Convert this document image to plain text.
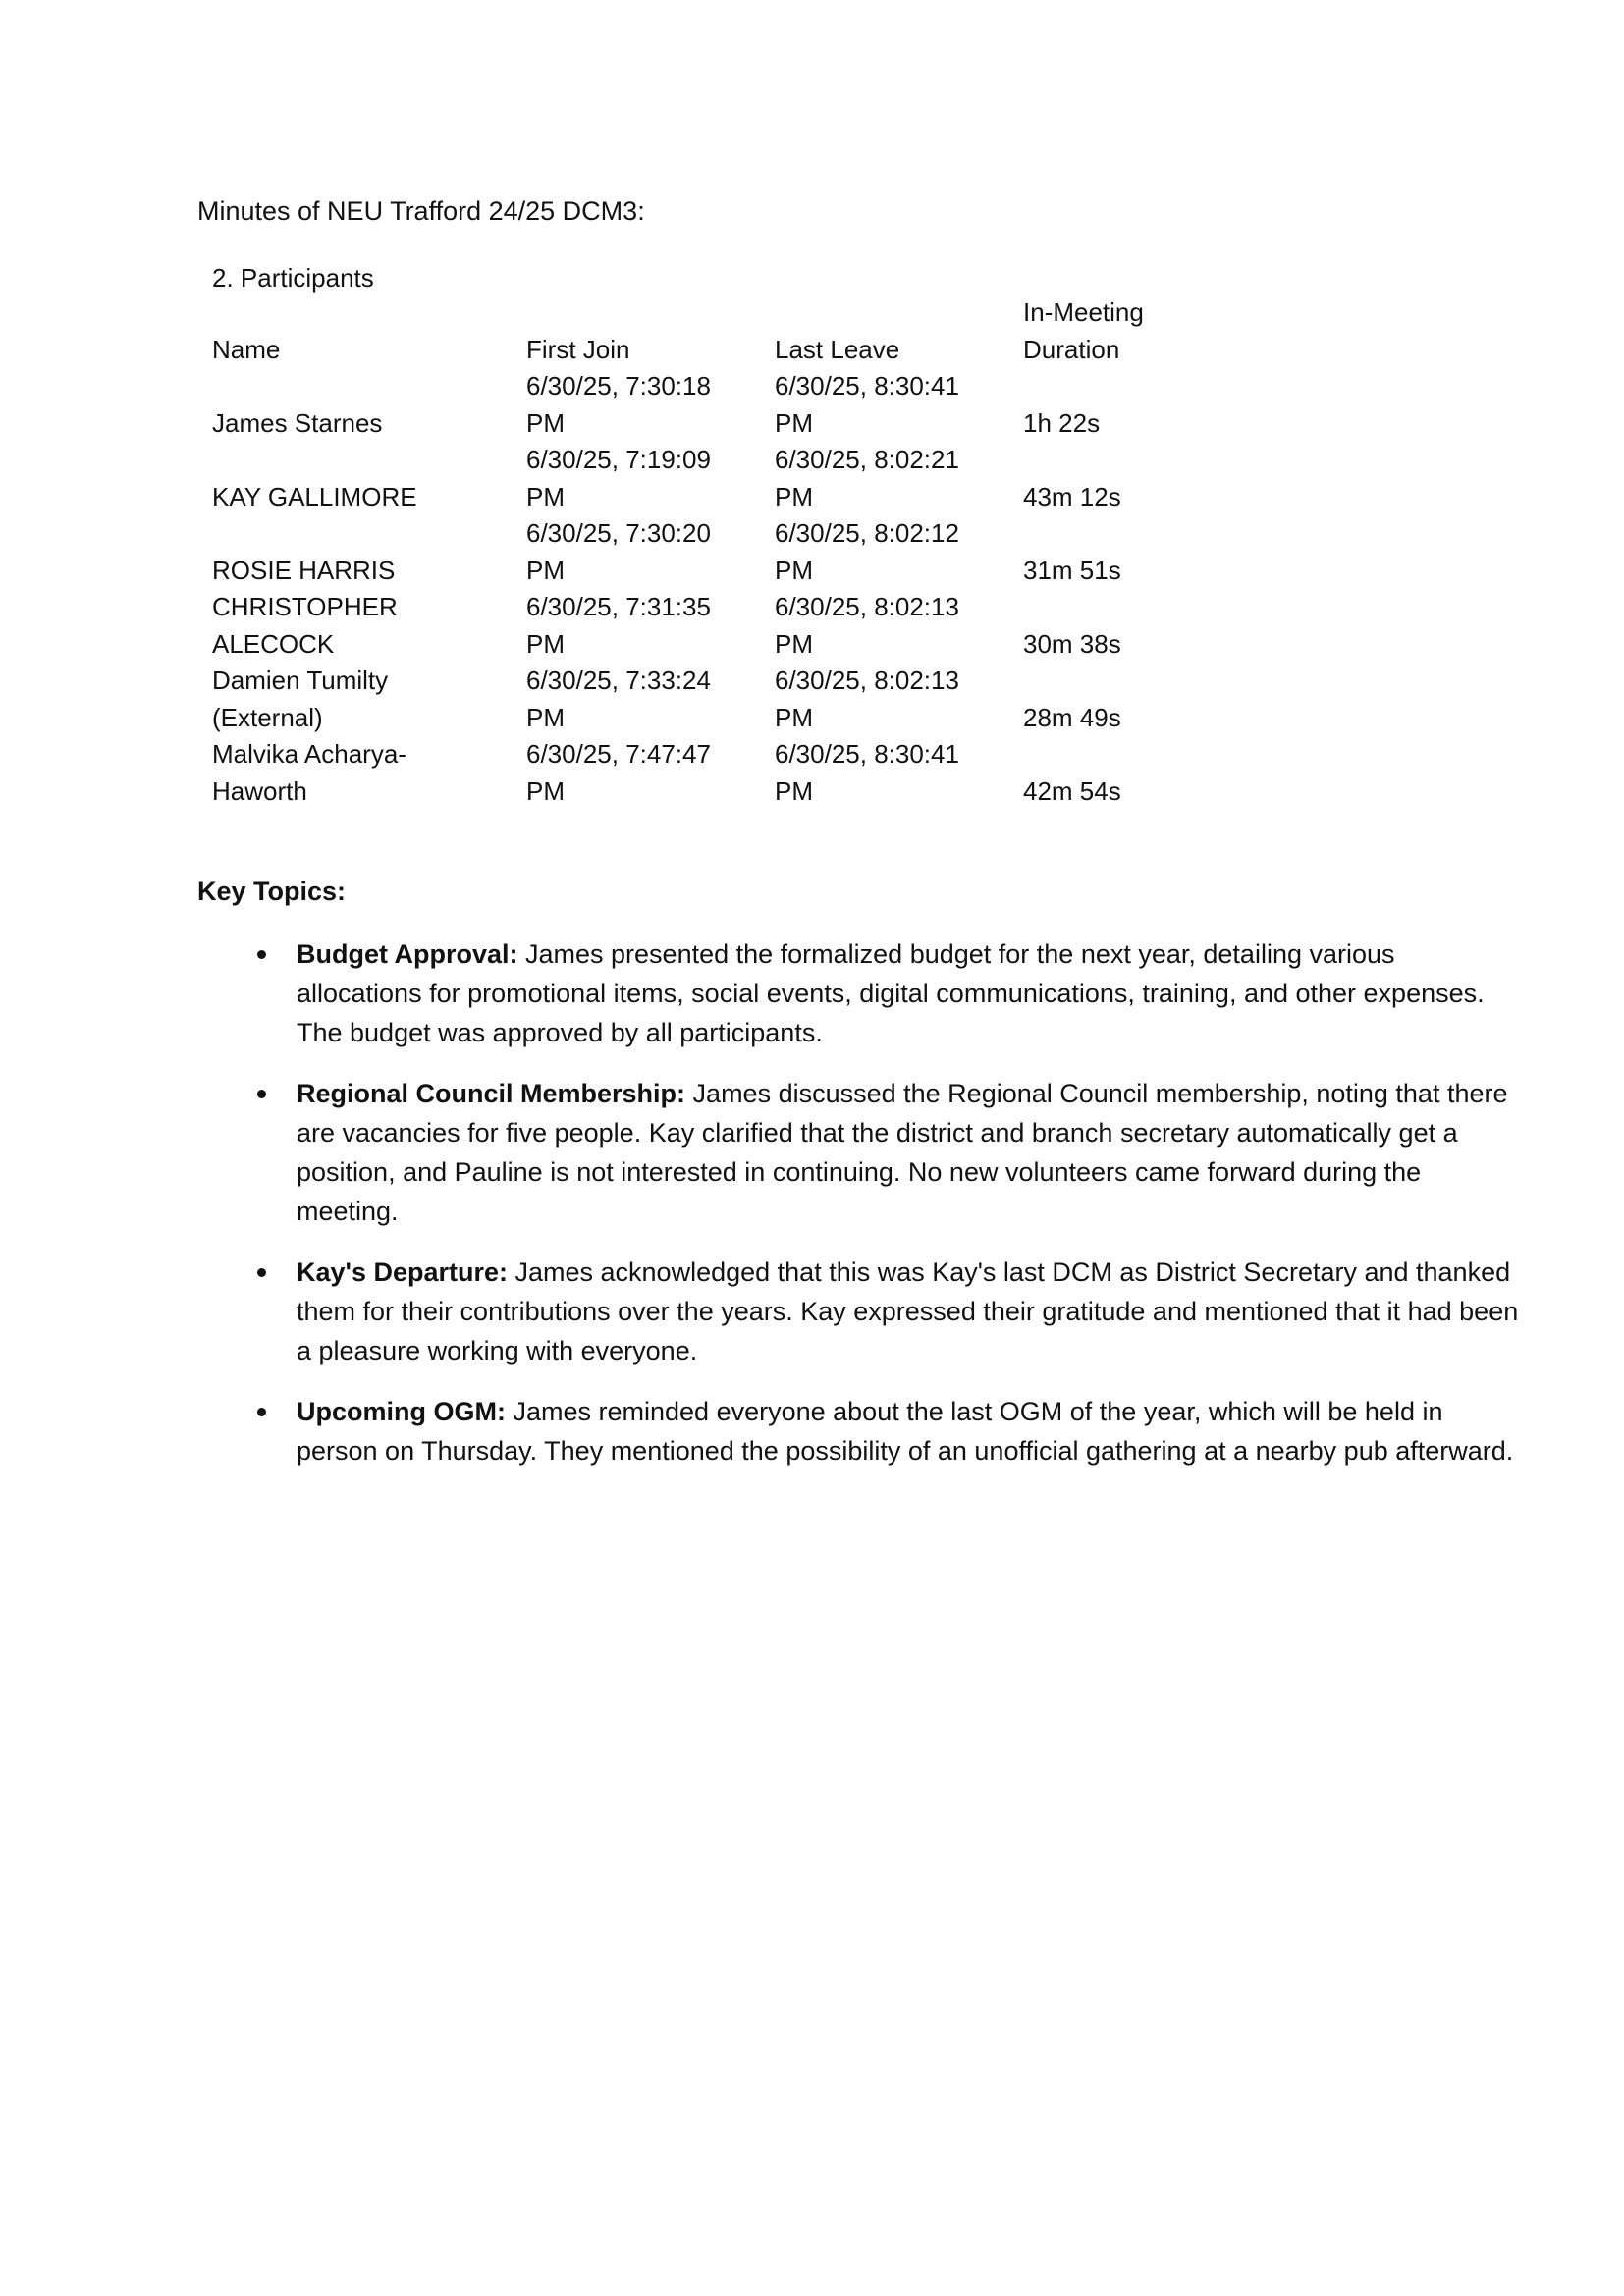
Minutes of NEU Trafford 24/25 DCM3:
2. Participants
Name	First Join	Last Leave	In-Meeting Duration
James Starnes	6/30/25, 7:30:18 PM	6/30/25, 8:30:41 PM	1h 22s
KAY GALLIMORE	6/30/25, 7:19:09 PM	6/30/25, 8:02:21 PM	43m 12s
ROSIE HARRIS	6/30/25, 7:30:20 PM	6/30/25, 8:02:12 PM	31m 51s
CHRISTOPHER ALECOCK	6/30/25, 7:31:35 PM	6/30/25, 8:02:13 PM	30m 38s
Damien Tumilty (External)	6/30/25, 7:33:24 PM	6/30/25, 8:02:13 PM	28m 49s
Malvika Acharya-Haworth	6/30/25, 7:47:47 PM	6/30/25, 8:30:41 PM	42m 54s
Key Topics:
Budget Approval: James presented the formalized budget for the next year, detailing various allocations for promotional items, social events, digital communications, training, and other expenses. The budget was approved by all participants.
Regional Council Membership: James discussed the Regional Council membership, noting that there are vacancies for five people. Kay clarified that the district and branch secretary automatically get a position, and Pauline is not interested in continuing. No new volunteers came forward during the meeting.
Kay's Departure: James acknowledged that this was Kay's last DCM as District Secretary and thanked them for their contributions over the years. Kay expressed their gratitude and mentioned that it had been a pleasure working with everyone.
Upcoming OGM: James reminded everyone about the last OGM of the year, which will be held in person on Thursday. They mentioned the possibility of an unofficial gathering at a nearby pub afterward.
